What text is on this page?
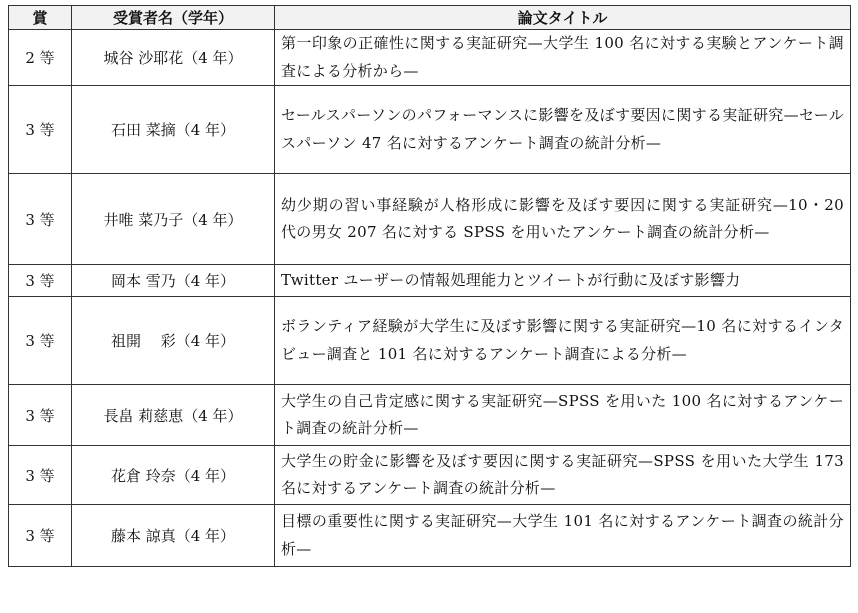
賞	受賞者名（学年）	論文タイトル
2 等	城谷 沙耶花（4 年）	第一印象の正確性に関する実証研究—大学生 100 名に対する実験とアンケート調査による分析から—
3 等	石田 菜摘（4 年）	セールスパーソンのパフォーマンスに影響を及ぼす要因に関する実証研究—セールスパーソン 47 名に対するアンケート調査の統計分析—
3 等	井唯 菜乃子（4 年）	幼少期の習い事経験が人格形成に影響を及ぼす要因に関する実証研究—10・20 代の男女 207 名に対する SPSS を用いたアンケート調査の統計分析—
3 等	岡本 雪乃（4 年）	Twitter ユーザーの情報処理能力とツイートが行動に及ぼす影響力
3 等	祖開　 彩（4 年）	ボランティア経験が大学生に及ぼす影響に関する実証研究—10 名に対するインタビュー調査と 101 名に対するアンケート調査による分析—
3 等	長畠 莉慈恵（4 年）	大学生の自己肯定感に関する実証研究—SPSS を用いた 100 名に対するアンケート調査の統計分析—
3 等	花倉 玲奈（4 年）	大学生の貯金に影響を及ぼす要因に関する実証研究—SPSS を用いた大学生 173 名に対するアンケート調査の統計分析—
3 等	藤本 諒真（4 年）	目標の重要性に関する実証研究—大学生 101 名に対するアンケート調査の統計分析—
